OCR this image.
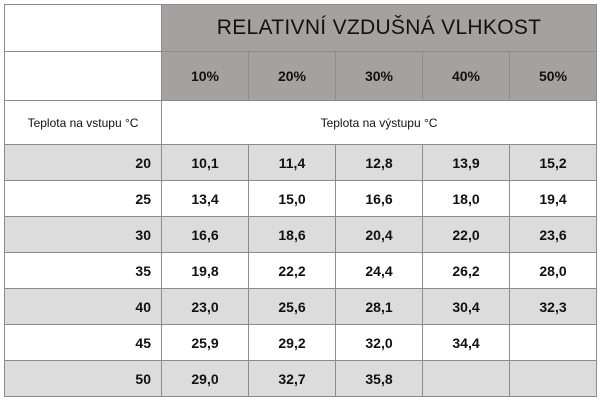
	RELATIVNÍ VZDUŠNÁ VLHKOST				
	10%	20%	30%	40%	50%
Teplota na vstupu °C	Teplota na výstupu °C				
20	10,1	11,4	12,8	13,9	15,2
25	13,4	15,0	16,6	18,0	19,4
30	16,6	18,6	20,4	22,0	23,6
35	19,8	22,2	24,4	26,2	28,0
40	23,0	25,6	28,1	30,4	32,3
45	25,9	29,2	32,0	34,4	
50	29,0	32,7	35,8		
